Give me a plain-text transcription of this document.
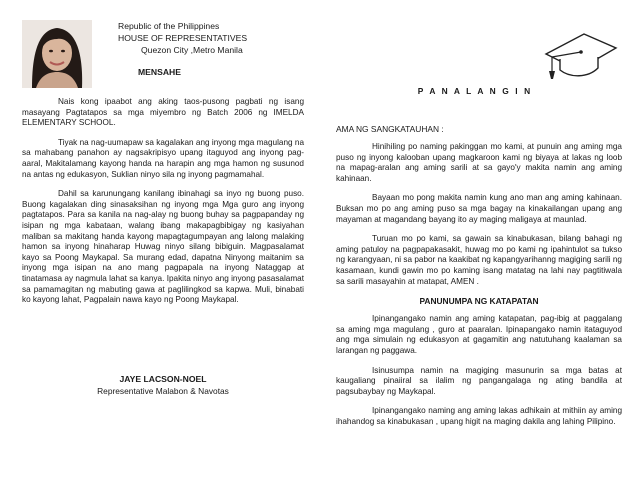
Republic of the Philippines
HOUSE OF REPRESENTATIVES
Quezon City ,Metro Manila
MENSAHE

Nais kong ipaabot ang aking taos-pusong pagbati ng isang masayang Pagtatapos sa mga miyembro ng Batch 2006 ng IMELDA ELEMENTARY SCHOOL.

Tiyak na nag-uumapaw sa kagalakan ang inyong mga magulang na sa mahabang panahon ay nagsakripisyo upang itaguyod ang inyong pag-aaral, Makitalamang kayong handa na harapin ang mga hamon ng susunod na antas ng edukasyon, Suklian ninyo sila ng inyong pagmamahal.

Dahil sa karunungang kanilang ibinahagi sa inyo ng buong puso. Buong kagalakan ding sinasaksihan ng inyong mga Mga guro ang inyong pagtatapos. Para sa kanila na nag-alay ng buong buhay sa pagpapanday ng isipan ng mga kabataan, walang ibang makapagbibigay ng kasiyahan maliban sa makitang handa kayong mapagtagumpayan ang lalong malaking hamon sa inyong hinaharap Huwag ninyo silang bibiguin. Magpasalamat kayo sa Poong Maykapal. Sa murang edad, dapatna Ninyong maitanim sa inyong mga isipan na ano mang pagpapala na inyong Nataggap at tinatamasa ay nagmula lahat sa kanya. Ipakita ninyo ang inyong pasasalamat sa pamamagitan ng mabuting gawa at paglilingkod sa kapwa. Muli, binabati ko kayong lahat, Pagpalain nawa kayo ng Poong Maykapal.

JAYE LACSON-NOEL
Representative Malabon & Navotas
P A N A L A N G I N
AMA NG SANGKATAUHAN :

Hinihiling po naming pakinggan mo kami, at punuin ang aming mga puso ng inyong kalooban upang magkaroon kami ng biyaya at lakas ng loob na mapag-aralan ang aming sarili at sa gayo'y makita namin ang aming kahinaan.

Bayaan mo pong makita namin kung ano man ang aming kahinaan. Buksan mo po ang aming puso sa mga bagay na kinakailangan upang ang mayaman at magandang bayang ito ay maging maligaya at maunlad.

Turuan mo po kami, sa gawain sa kinabukasan, bilang bahagi ng aming patuloy na pagpapakasakit, huwag mo po kami ng ipahintulot sa tukso ng karangyaan, ni sa pabor na kaakibat ng kapangyarihanng magiging sarili ng kasamaan, kundi gawin mo po kaming isang matatag na lahi nay pagtitiwala sa sarili masayahin at matapat, AMEN .

PANUNUMPA NG KATAPATAN

Ipinangangako namin ang aming katapatan, pag-ibig at paggalang sa aming mga magulang , guro at paaralan. Ipinapangako namin itataguyod ang mga simulain ng edukasyon at gagamitin ang natutuhang kaalaman sa larangan ng paggawa.

Isinusumpa namin na magiging masunurin sa mga batas at kaugaliang pinaiiral sa ilalim ng pangangalaga ng ating bandila at pagsubaybay ng Maykapal.

Ipinangangako naming ang aming lakas adhikain at mithiin ay aming ihahandog sa kinabukasan , upang higit na maging dakila ang lahing Pilipino.
